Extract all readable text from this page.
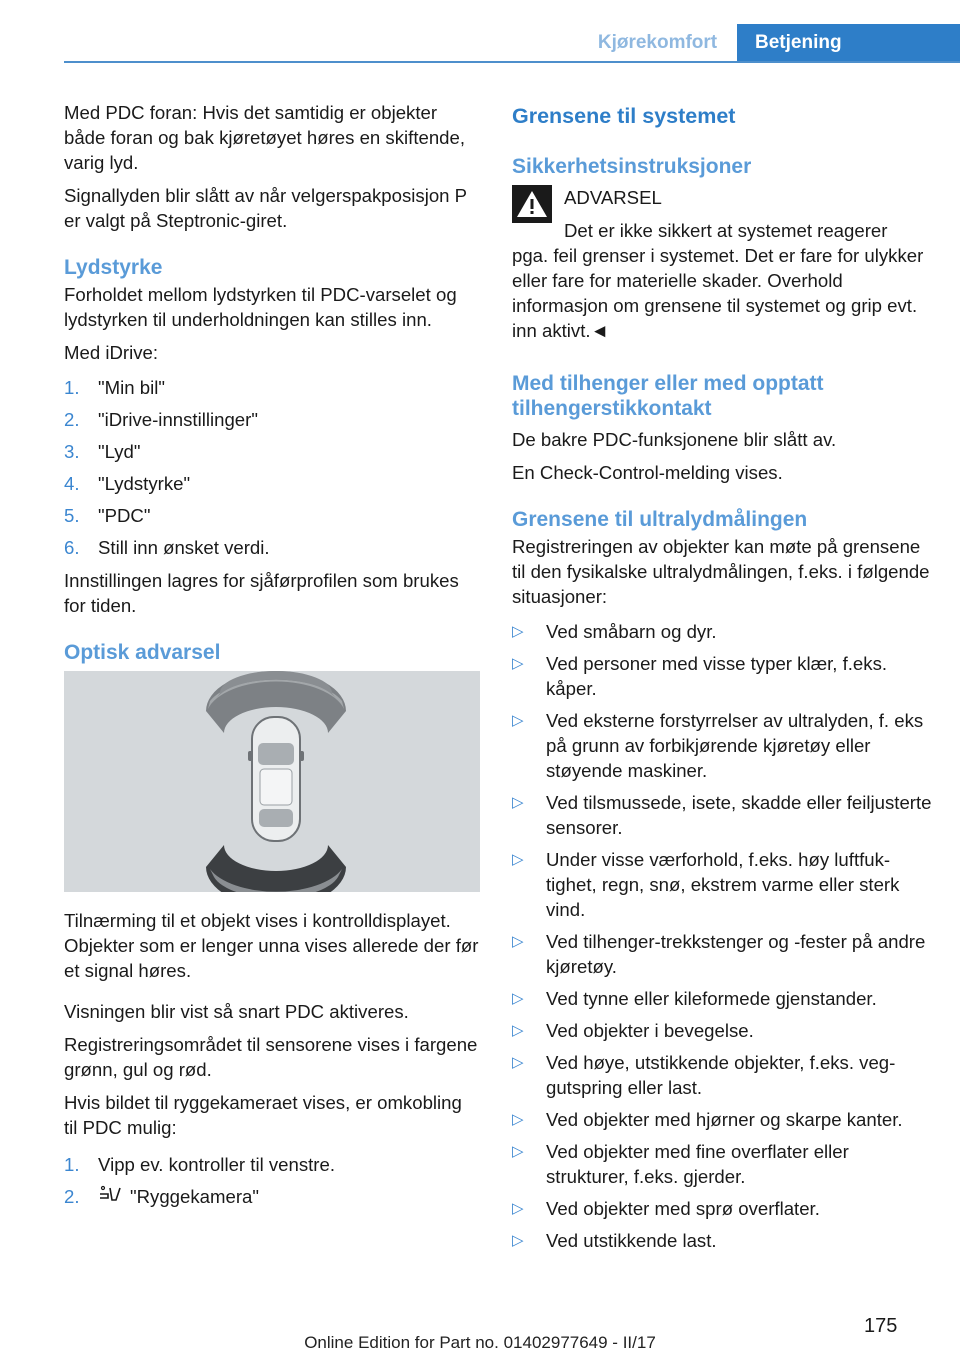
Kjørekomfort	Betjening

Med PDC foran: Hvis det samtidig er objekter både foran og bak kjøretøyet høres en skiftende, varig lyd.

Signallyden blir slått av når velgerspakposisjon P er valgt på Steptronic-giret.

Lydstyrke

Forholdet mellom lydstyrken til PDC-varselet og lydstyrken til underholdningen kan stilles inn.

Med iDrive:

1. "Min bil"
2. "iDrive-innstillinger"
3. "Lyd"
4. "Lydstyrke"
5. "PDC"
6. Still inn ønsket verdi.

Innstillingen lagres for sjåførprofilen som brukes for tiden.

Optisk advarsel

Tilnærming til et objekt vises i kontrolldisplayet. Objekter som er lenger unna vises allerede der før et signal høres.

Visningen blir vist så snart PDC aktiveres.

Registreringsområdet til sensorene vises i fargene grønn, gul og rød.

Hvis bildet til ryggekameraet vises, er omkobling til PDC mulig:

1. Vipp ev. kontroller til venstre.
2.	"Ryggekamera"
Grensene til systemet
Sikkerhetsinstruksjoner
ADVARSEL
Det er ikke sikkert at systemet reagerer

pga. feil grenser i systemet. Det er fare for ulykker eller fare for materielle skader. Overhold informasjon om grensene til systemet og grip evt. inn aktivt.◄

Med tilhenger eller med opptatt tilhengerstikkontakt

De bakre PDC-funksjonene blir slått av.

En Check-Control-melding vises.

Grensene til ultralydmålingen

Registreringen av objekter kan møte på grensene til den fysikalske ultralydmålingen, f.eks. i følgende situasjoner:

▷	Ved småbarn og dyr.
▷	Ved personer med visse typer klær, f.eks. kåper.
▷	Ved eksterne forstyrrelser av ultralyden, f. eks på grunn av forbikjørende kjøretøy eller støyende maskiner.
▷	Ved tilsmussede, isete, skadde eller feiljusterte sensorer.
▷	Under visse værforhold, f.eks. høy luftfuktighet, regn, snø, ekstrem varme eller sterk vind.
▷	Ved tilhenger-trekkstenger og -fester på andre kjøretøy.
▷	Ved tynne eller kileformede gjenstander.
▷	Ved objekter i bevegelse.
▷	Ved høye, utstikkende objekter, f.eks. veggutspring eller last.
▷	Ved objekter med hjørner og skarpe kanter.
▷	Ved objekter med fine overflater eller strukturer, f.eks. gjerder.
▷	Ved objekter med sprø overflater.
▷	Ved utstikkende last.
175
Online Edition for Part no. 01402977649 - II/17
